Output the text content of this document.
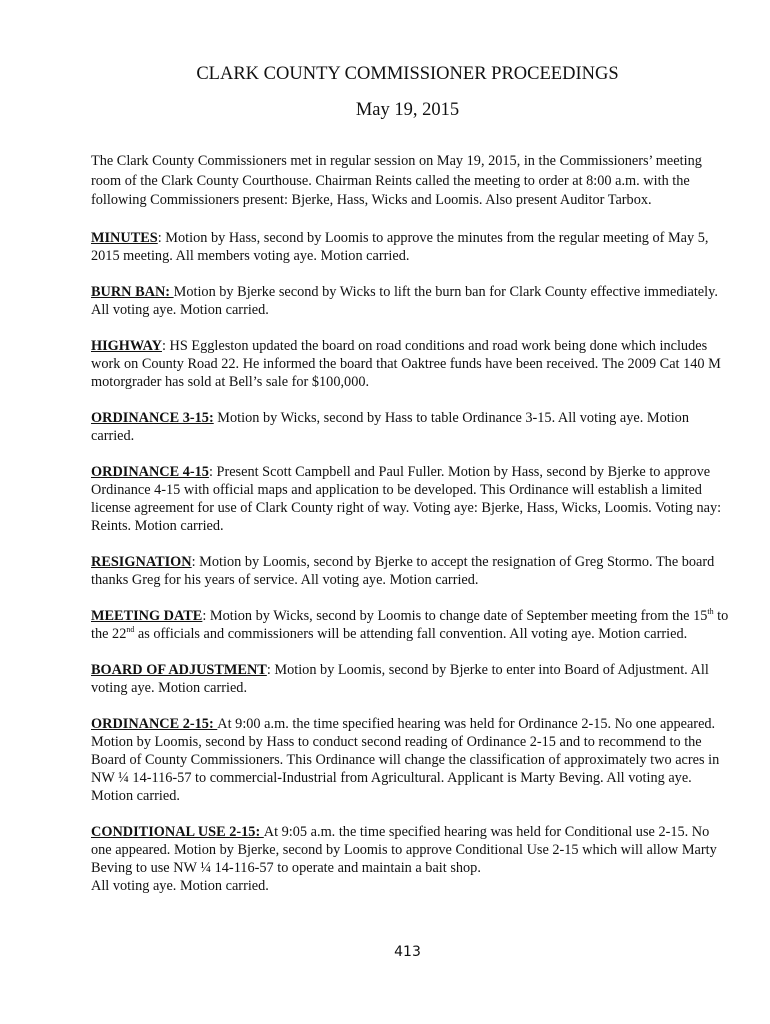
CLARK COUNTY COMMISSIONER PROCEEDINGS
May 19, 2015

The Clark County Commissioners met in regular session on May 19, 2015, in the Commissioners’ meeting room of the Clark County Courthouse. Chairman Reints called the meeting to order at 8:00 a.m. with the following Commissioners present: Bjerke, Hass, Wicks and Loomis. Also present Auditor Tarbox.

MINUTES: Motion by Hass, second by Loomis to approve the minutes from the regular meeting of May 5, 2015 meeting. All members voting aye. Motion carried.

BURN BAN: Motion by Bjerke second by Wicks to lift the burn ban for Clark County effective immediately. All voting aye. Motion carried.

HIGHWAY: HS Eggleston updated the board on road conditions and road work being done which includes work on County Road 22. He informed the board that Oaktree funds have been received. The 2009 Cat 140 M motorgrader has sold at Bell’s sale for $100,000.

ORDINANCE 3-15: Motion by Wicks, second by Hass to table Ordinance 3-15. All voting aye. Motion carried.

ORDINANCE 4-15: Present Scott Campbell and Paul Fuller. Motion by Hass, second by Bjerke to approve Ordinance 4-15 with official maps and application to be developed. This Ordinance will establish a limited license agreement for use of Clark County right of way. Voting aye: Bjerke, Hass, Wicks, Loomis. Voting nay: Reints. Motion carried.

RESIGNATION: Motion by Loomis, second by Bjerke to accept the resignation of Greg Stormo. The board thanks Greg for his years of service. All voting aye. Motion carried.

MEETING DATE: Motion by Wicks, second by Loomis to change date of September meeting from the 15th to the 22nd as officials and commissioners will be attending fall convention. All voting aye. Motion carried.

BOARD OF ADJUSTMENT: Motion by Loomis, second by Bjerke to enter into Board of Adjustment. All voting aye. Motion carried.

ORDINANCE 2-15: At 9:00 a.m. the time specified hearing was held for Ordinance 2-15. No one appeared. Motion by Loomis, second by Hass to conduct second reading of Ordinance 2-15 and to recommend to the Board of County Commissioners. This Ordinance will change the classification of approximately two acres in NW ¼ 14-116-57 to commercial-Industrial from Agricultural. Applicant is Marty Beving. All voting aye. Motion carried.

CONDITIONAL USE 2-15: At 9:05 a.m. the time specified hearing was held for Conditional use 2-15. No one appeared. Motion by Bjerke, second by Loomis to approve Conditional Use 2-15 which will allow Marty Beving to use NW ¼ 14-116-57 to operate and maintain a bait shop.
All voting aye. Motion carried.

413
